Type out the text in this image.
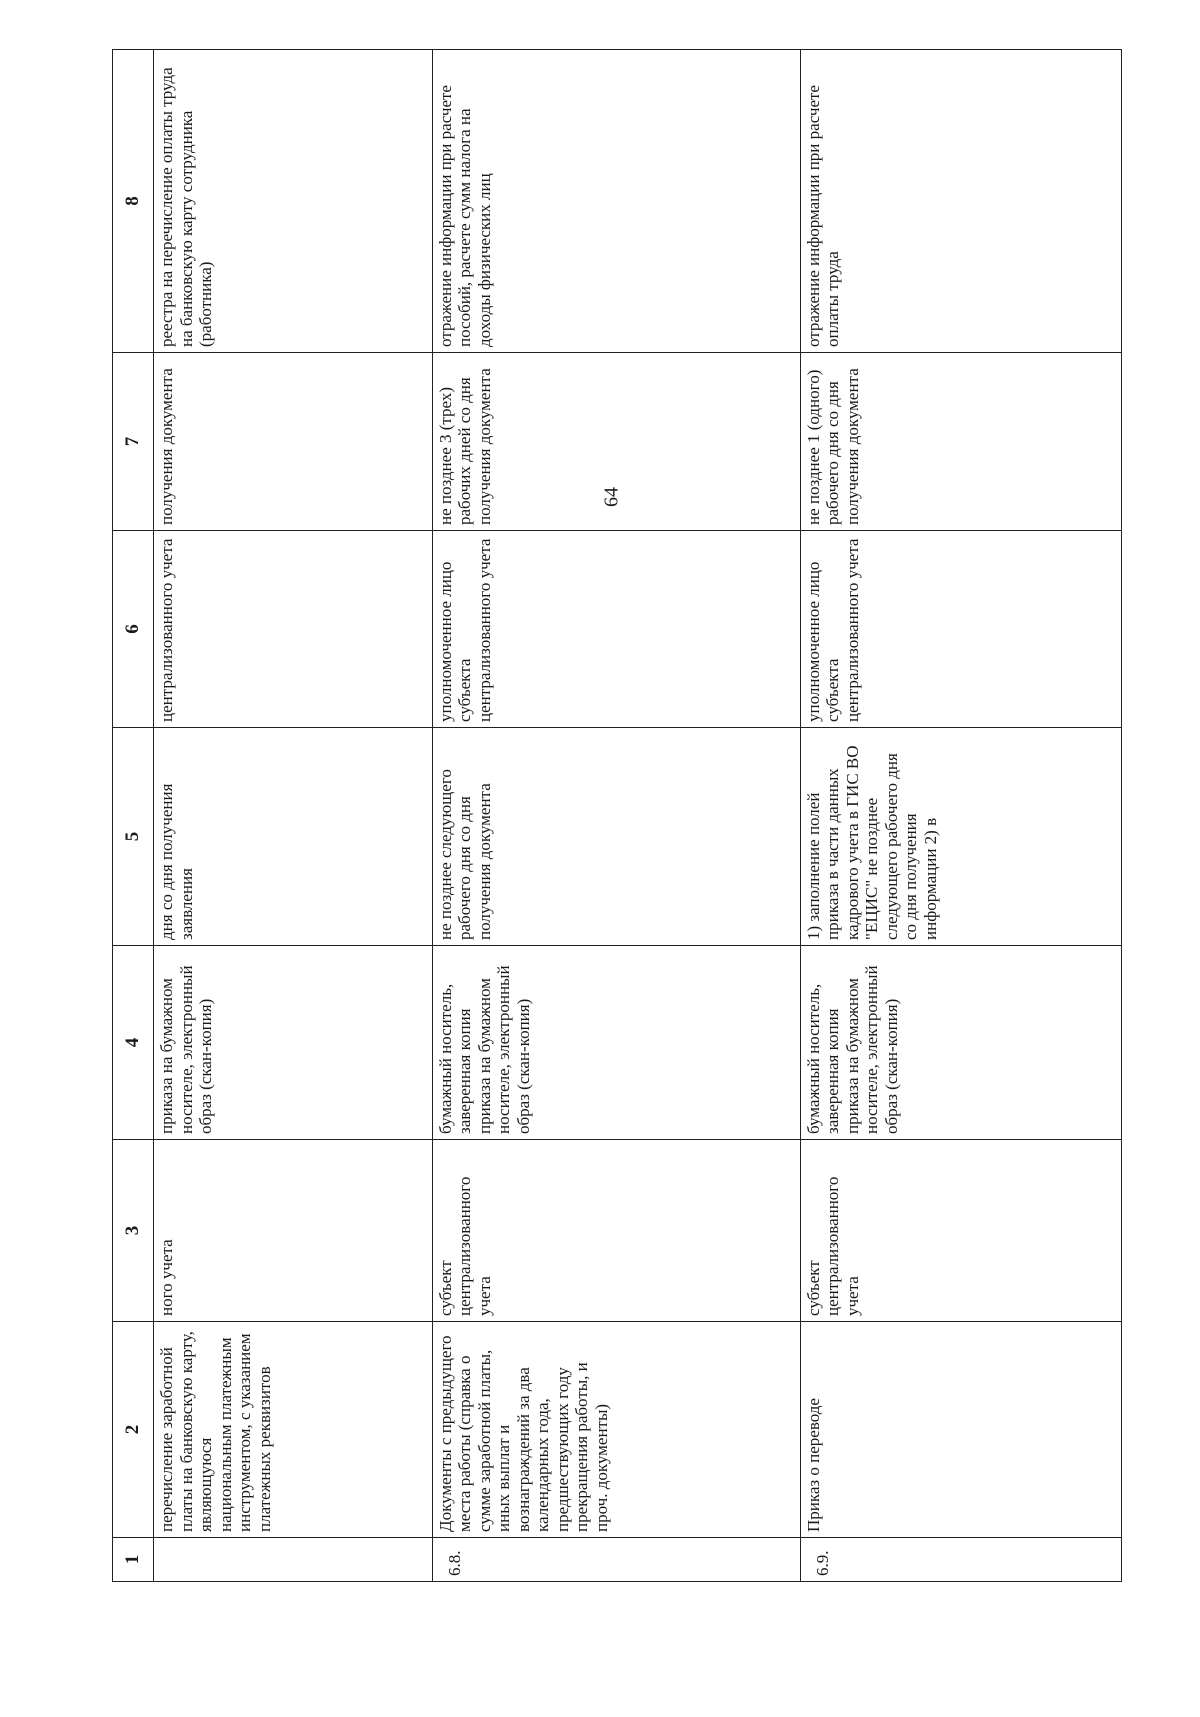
64
1	2	3	4	5	6	7	8
	перечисление заработной платы на банковскую карту, являющуюся национальным платежным инструментом, с указанием платежных реквизитов	ного учета	приказа на бумажном носителе, электронный образ (скан-копия)	дня со дня получения заявления	централизованного учета	получения документа	реестра на перечисление оплаты труда на банковскую карту сотрудника (работника)
6.8.	Документы с предыдущего места работы (справка о сумме заработной платы, иных выплат и вознаграждений за два календарных года, предшествующих году прекращения работы, и проч. документы)	субъект централизованного учета	бумажный носитель, заверенная копия приказа на бумажном носителе, электронный образ (скан-копия)	не позднее следующего рабочего дня со дня получения документа	уполномоченное лицо субъекта централизованного учета	не позднее 3 (трех) рабочих дней со дня получения документа	отражение информации при расчете пособий, расчете сумм налога на доходы физических лиц
6.9.	Приказ о переводе	субъект централизованного учета	бумажный носитель, заверенная копия приказа на бумажном носителе, электронный образ (скан-копия)	1) заполнение полей приказа в части данных кадрового учета в ГИС ВО "ЕЦИС" не позднее следующего рабочего дня со дня получения информации 2) в	уполномоченное лицо субъекта централизованного учета	не позднее 1 (одного) рабочего дня со дня получения документа	отражение информации при расчете оплаты труда
